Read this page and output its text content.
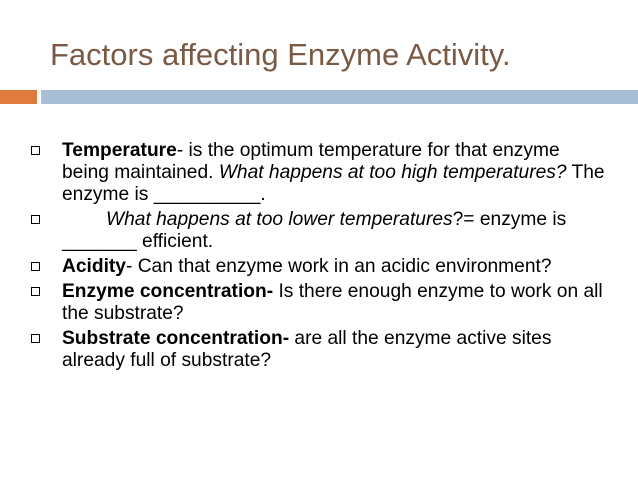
Factors affecting Enzyme Activity.
Temperature- is the optimum temperature for that enzyme being maintained. What happens at too high temperatures? The enzyme is __________.
What happens at too lower temperatures?= enzyme is _______ efficient.
Acidity- Can that enzyme work in an acidic environment?
Enzyme concentration- Is there enough enzyme to work on all the substrate?
Substrate concentration- are all the enzyme active sites already full of substrate?
